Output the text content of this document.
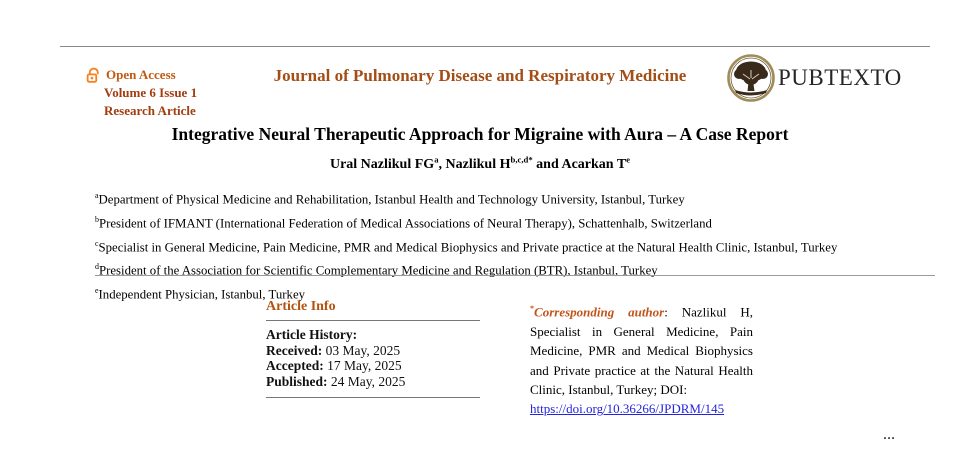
Open Access
Volume 6 Issue 1
Research Article
Journal of Pulmonary Disease and Respiratory Medicine	PUBTEXTO
Integrative Neural Therapeutic Approach for Migraine with Aura – A Case Report
Ural Nazlikul $FG^a$, Nazlikul $H^{b,c,d*}$ and Acarkan $T^e$
$^a$Department of Physical Medicine and Rehabilitation, Istanbul Health and Technology University, Istanbul, Turkey
$^b$President of IFMANT (International Federation of Medical Associations of Neural Therapy), Schattenhalb, Switzerland
$^c$Specialist in General Medicine, Pain Medicine, PMR and Medical Biophysics and Private practice at the Natural Health Clinic, Istanbul, Turkey
$^d$President of the Association for Scientific Complementary Medicine and Regulation (BTR), Istanbul, Turkey
$^e$Independent Physician, Istanbul, Turkey
Article Info
Article History:
Received: 03 May, 2025
Accepted: 17 May, 2025
Published: 24 May, 2025
*Corresponding author: Nazlikul H, Specialist in General Medicine, Pain Medicine, PMR and Medical Biophysics and Private practice at the Natural Health Clinic, Istanbul, Turkey; DOI:
https://doi.org/10.36266/JPDRM/145
…
